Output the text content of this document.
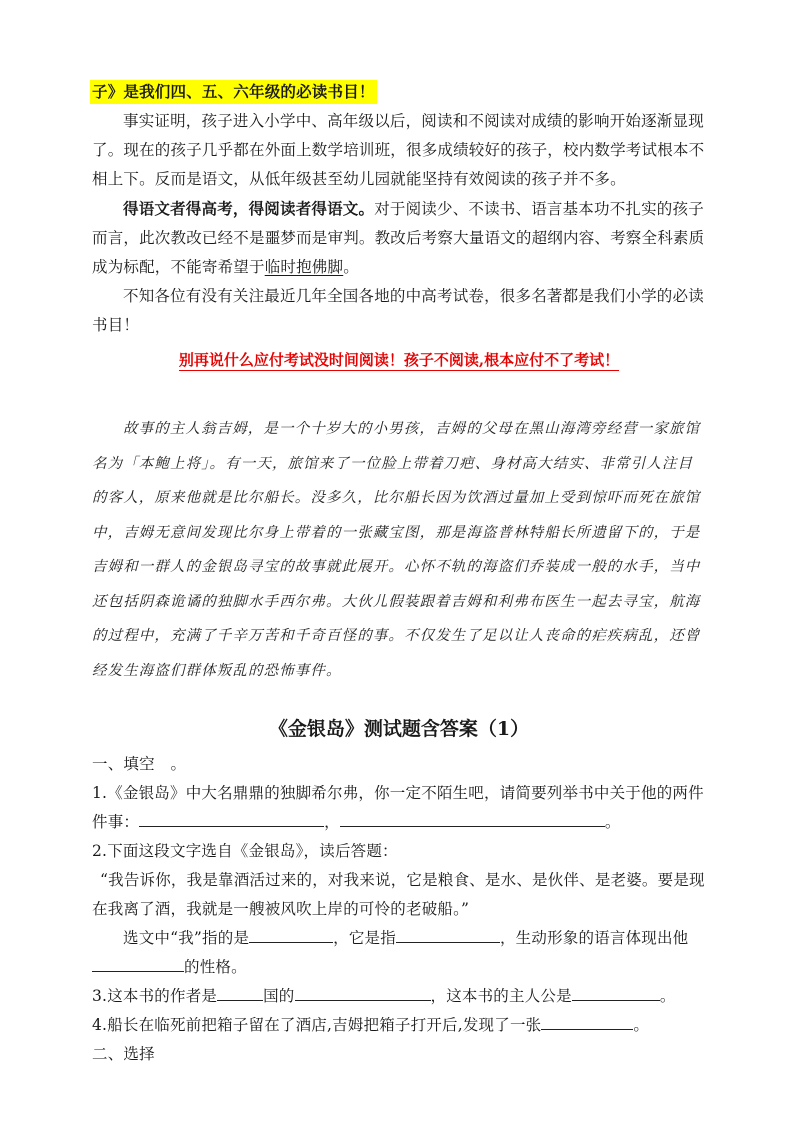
子》是我们四、五、六年级的必读书目！

事实证明，孩子进入小学中、高年级以后，阅读和不阅读对成绩的影响开始逐渐显现了。现在的孩子几乎都在外面上数学培训班，很多成绩较好的孩子，校内数学考试根本不相上下。反而是语文，从低年级甚至幼儿园就能坚持有效阅读的孩子并不多。

得语文者得高考，得阅读者得语文。对于阅读少、不读书、语言基本功不扎实的孩子而言，此次教改已经不是噩梦而是审判。教改后考察大量语文的超纲内容、考察全科素质成为标配，不能寄希望于临时抱佛脚。

不知各位有没有关注最近几年全国各地的中高考试卷，很多名著都是我们小学的必读书目！

别再说什么应付考试没时间阅读！孩子不阅读,根本应付不了考试！

故事的主人翁吉姆，是一个十岁大的小男孩，吉姆的父母在黑山海湾旁经营一家旅馆名为「本鲍上将」。有一天，旅馆来了一位脸上带着刀疤、身材高大结实、非常引人注目的客人，原来他就是比尔船长。没多久，比尔船长因为饮酒过量加上受到惊吓而死在旅馆中，吉姆无意间发现比尔身上带着的一张藏宝图，那是海盗普林特船长所遗留下的，于是吉姆和一群人的金银岛寻宝的故事就此展开。心怀不轨的海盗们乔装成一般的水手，当中还包括阴森诡谲的独脚水手西尔弗。大伙儿假装跟着吉姆和利弗布医生一起去寻宝，航海的过程中，充满了千辛万苦和千奇百怪的事。不仅发生了足以让人丧命的疟疾病乱，还曾经发生海盗们群体叛乱的恐怖事件。

《金银岛》测试题含答案（1）

一、填空　。

1.《金银岛》中大名鼎鼎的独脚希尔弗，你一定不陌生吧，请简要列举书中关于他的两件件事：	，	。

2.下面这段文字选自《金银岛》，读后答题：

“我告诉你，我是靠酒活过来的，对我来说，它是粮食、是水、是伙伴、是老婆。要是现在我离了酒，我就是一艘被风吹上岸的可怜的老破船。”

选文中“我”指的是	，它是指	，生动形象的语言体现出他的性格。

3.这本书的作者是	国的	，这本书的主人公是	。

4.船长在临死前把箱子留在了酒店,吉姆把箱子打开后,发现了一张	。

二、选择
